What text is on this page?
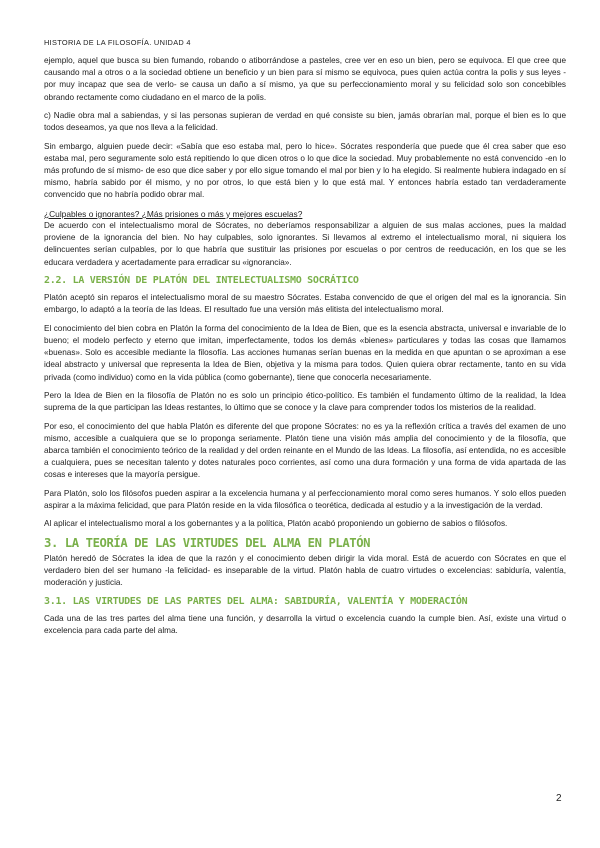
HISTORIA DE LA FILOSOFÍA. UNIDAD 4

ejemplo, aquel que busca su bien fumando, robando o atiborrándose a pasteles, cree ver en eso un bien, pero se equivoca. El que cree que causando mal a otros o a la sociedad obtiene un beneficio y un bien para sí mismo se equivoca, pues quien actúa contra la polis y sus leyes -por muy incapaz que sea de verlo- se causa un daño a sí mismo, ya que su perfeccionamiento moral y su felicidad solo son concebibles obrando rectamente como ciudadano en el marco de la polis.

c) Nadie obra mal a sabiendas, y si las personas supieran de verdad en qué consiste su bien, jamás obrarían mal, porque el bien es lo que todos deseamos, ya que nos lleva a la felicidad.

Sin embargo, alguien puede decir: «Sabía que eso estaba mal, pero lo hice». Sócrates respondería que puede que él crea saber que eso estaba mal, pero seguramente solo está repitiendo lo que dicen otros o lo que dice la sociedad. Muy probablemente no está convencido -en lo más profundo de sí mismo- de eso que dice saber y por ello sigue tomando el mal por bien y lo ha elegido. Si realmente hubiera indagado en sí mismo, habría sabido por él mismo, y no por otros, lo que está bien y lo que está mal. Y entonces habría estado tan verdaderamente convencido que no habría podido obrar mal.

¿Culpables o ignorantes? ¿Más prisiones o más y mejores escuelas?

De acuerdo con el intelectualismo moral de Sócrates, no deberíamos responsabilizar a alguien de sus malas acciones, pues la maldad proviene de la ignorancia del bien. No hay culpables, solo ignorantes. Si llevamos al extremo el intelectualismo moral, ni siquiera los delincuentes serían culpables, por lo que habría que sustituir las prisiones por escuelas o por centros de reeducación, en los que se les educara verdadera y acertadamente para erradicar su «ignorancia».

2.2. LA VERSIÓN DE PLATÓN DEL INTELECTUALISMO SOCRÁTICO

Platón aceptó sin reparos el intelectualismo moral de su maestro Sócrates. Estaba convencido de que el origen del mal es la ignorancia. Sin embargo, lo adaptó a la teoría de las Ideas. El resultado fue una versión más elitista del intelectualismo moral.

El conocimiento del bien cobra en Platón la forma del conocimiento de la Idea de Bien, que es la esencia abstracta, universal e invariable de lo bueno; el modelo perfecto y eterno que imitan, imperfectamente, todos los demás «bienes» particulares y todas las cosas que llamamos «buenas». Solo es accesible mediante la filosofía. Las acciones humanas serían buenas en la medida en que apuntan o se aproximan a ese ideal abstracto y universal que representa la Idea de Bien, objetiva y la misma para todos. Quien quiera obrar rectamente, tanto en su vida privada (como individuo) como en la vida pública (como gobernante), tiene que conocerla necesariamente.

Pero la Idea de Bien en la filosofía de Platón no es solo un principio ético-político. Es también el fundamento último de la realidad, la Idea suprema de la que participan las Ideas restantes, lo último que se conoce y la clave para comprender todos los misterios de la realidad.

Por eso, el conocimiento del que habla Platón es diferente del que propone Sócrates: no es ya la reflexión crítica a través del examen de uno mismo, accesible a cualquiera que se lo proponga seriamente. Platón tiene una visión más amplia del conocimiento y de la filosofía, que abarca también el conocimiento teórico de la realidad y del orden reinante en el Mundo de las Ideas. La filosofía, así entendida, no es accesible a cualquiera, pues se necesitan talento y dotes naturales poco corrientes, así como una dura formación y una forma de vida apartada de las cosas e intereses que la mayoría persigue.

Para Platón, solo los filósofos pueden aspirar a la excelencia humana y al perfeccionamiento moral como seres humanos. Y solo ellos pueden aspirar a la máxima felicidad, que para Platón reside en la vida filosófica o teorética, dedicada al estudio y a la investigación de la verdad.

Al aplicar el intelectualismo moral a los gobernantes y a la política, Platón acabó proponiendo un gobierno de sabios o filósofos.

3. LA TEORÍA DE LAS VIRTUDES DEL ALMA EN PLATÓN

Platón heredó de Sócrates la idea de que la razón y el conocimiento deben dirigir la vida moral. Está de acuerdo con Sócrates en que el verdadero bien del ser humano -la felicidad- es inseparable de la virtud. Platón habla de cuatro virtudes o excelencias: sabiduría, valentía, moderación y justicia.

3.1. LAS VIRTUDES DE LAS PARTES DEL ALMA: SABIDURÍA, VALENTÍA Y MODERACIÓN

Cada una de las tres partes del alma tiene una función, y desarrolla la virtud o excelencia cuando la cumple bien. Así, existe una virtud o excelencia para cada parte del alma.

2
